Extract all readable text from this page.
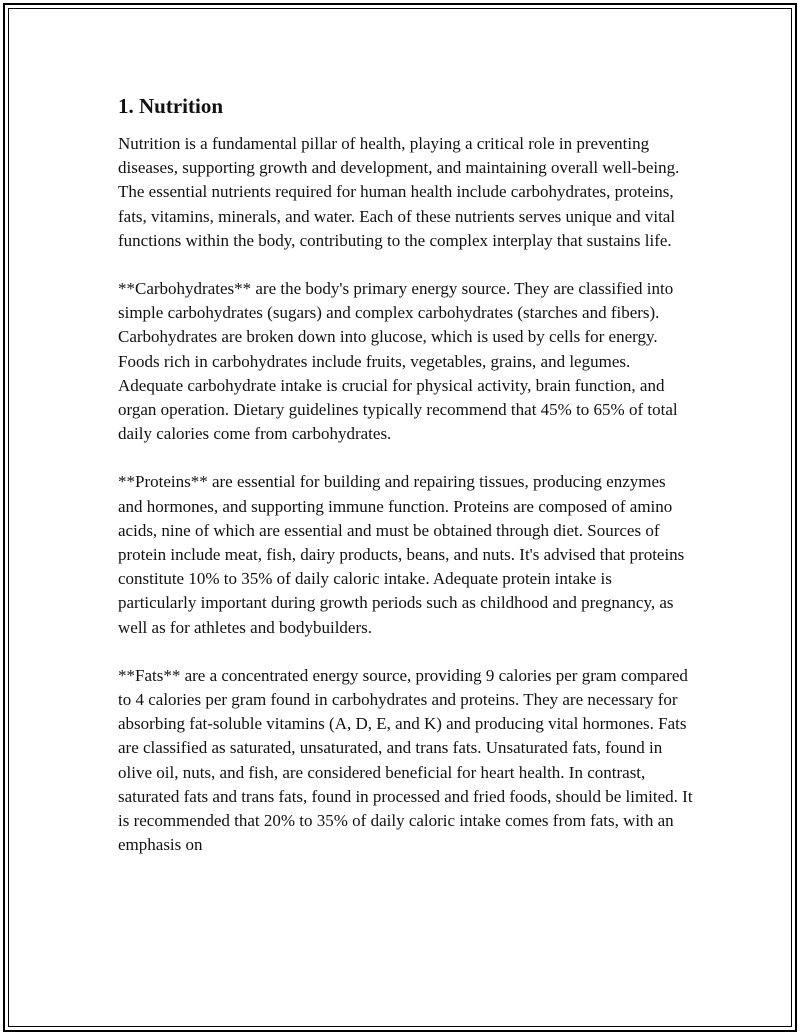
1. Nutrition

Nutrition is a fundamental pillar of health, playing a critical role in preventing diseases, supporting growth and development, and maintaining overall well-being. The essential nutrients required for human health include carbohydrates, proteins, fats, vitamins, minerals, and water. Each of these nutrients serves unique and vital functions within the body, contributing to the complex interplay that sustains life.

**Carbohydrates** are the body's primary energy source. They are classified into simple carbohydrates (sugars) and complex carbohydrates (starches and fibers). Carbohydrates are broken down into glucose, which is used by cells for energy. Foods rich in carbohydrates include fruits, vegetables, grains, and legumes. Adequate carbohydrate intake is crucial for physical activity, brain function, and organ operation. Dietary guidelines typically recommend that 45% to 65% of total daily calories come from carbohydrates.

**Proteins** are essential for building and repairing tissues, producing enzymes and hormones, and supporting immune function. Proteins are composed of amino acids, nine of which are essential and must be obtained through diet. Sources of protein include meat, fish, dairy products, beans, and nuts. It's advised that proteins constitute 10% to 35% of daily caloric intake. Adequate protein intake is particularly important during growth periods such as childhood and pregnancy, as well as for athletes and bodybuilders.

**Fats** are a concentrated energy source, providing 9 calories per gram compared to 4 calories per gram found in carbohydrates and proteins. They are necessary for absorbing fat-soluble vitamins (A, D, E, and K) and producing vital hormones. Fats are classified as saturated, unsaturated, and trans fats. Unsaturated fats, found in olive oil, nuts, and fish, are considered beneficial for heart health. In contrast, saturated fats and trans fats, found in processed and fried foods, should be limited. It is recommended that 20% to 35% of daily caloric intake comes from fats, with an emphasis on
